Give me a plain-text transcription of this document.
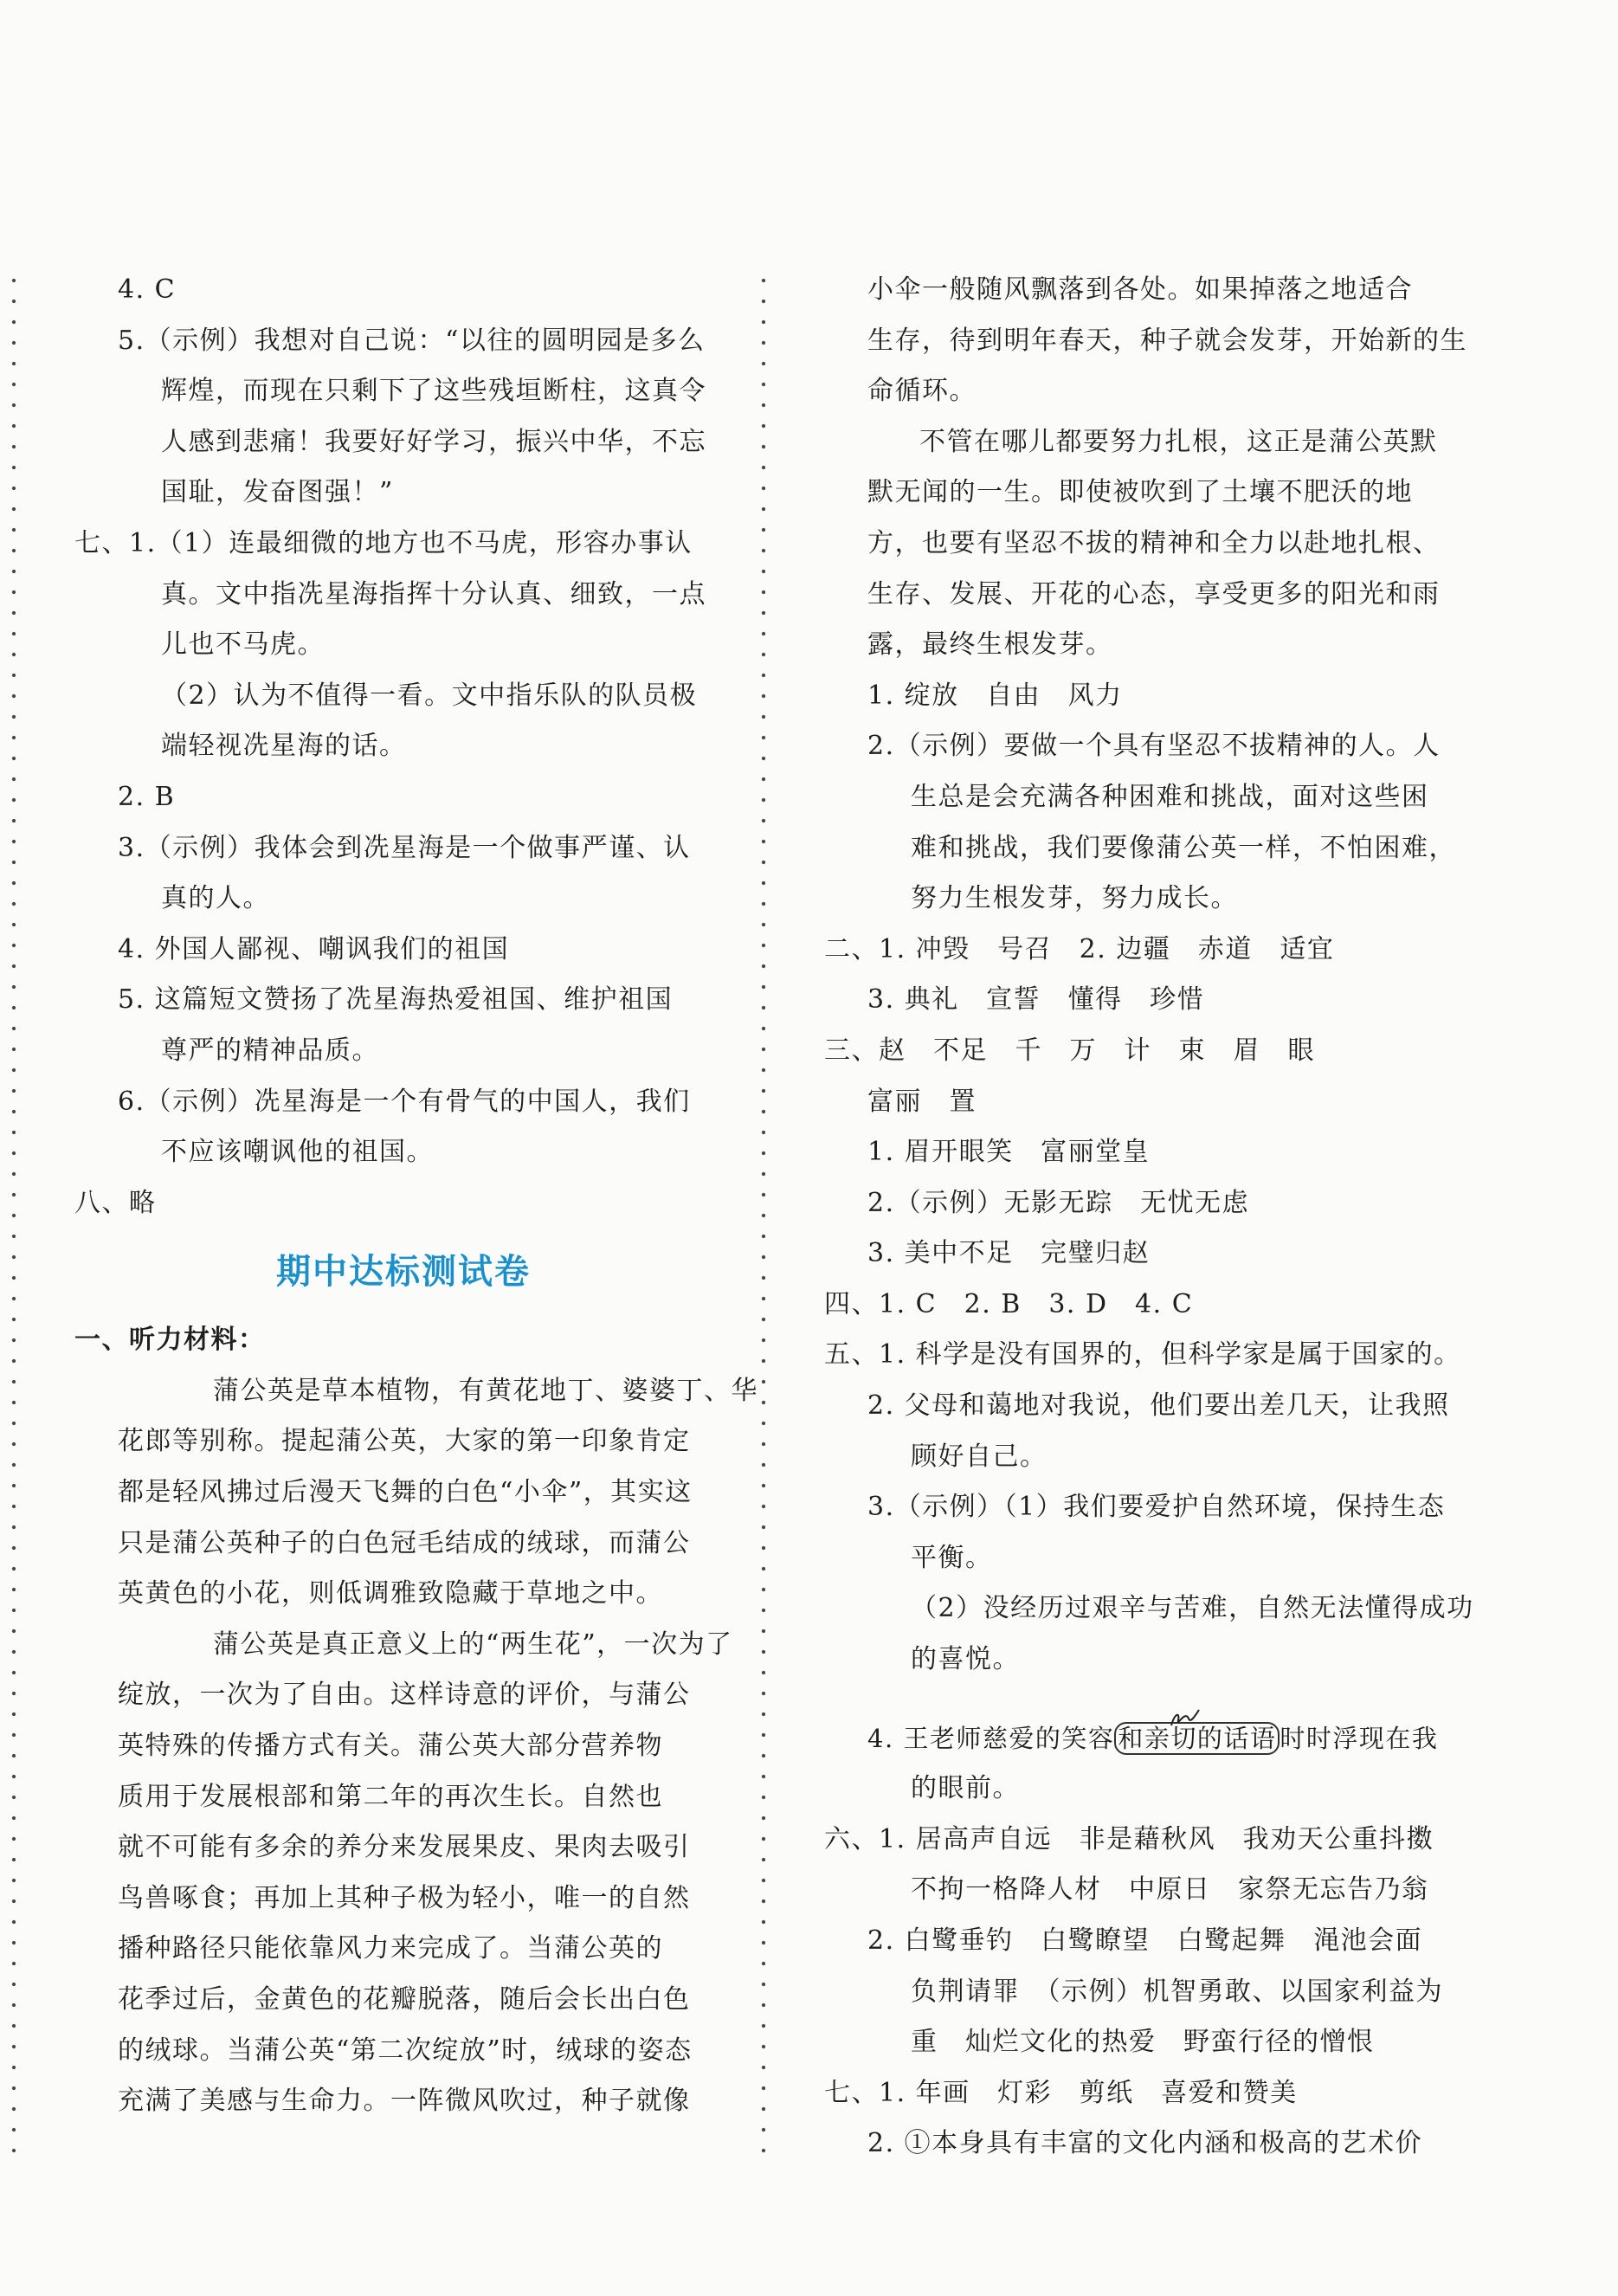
4. C
5.（示例）我想对自己说：“以往的圆明园是多么
辉煌，而现在只剩下了这些残垣断柱，这真令
人感到悲痛！我要好好学习，振兴中华，不忘
国耻，发奋图强！”
七、1.（1）连最细微的地方也不马虎，形容办事认
真。文中指冼星海指挥十分认真、细致，一点
儿也不马虎。
（2）认为不值得一看。文中指乐队的队员极
端轻视冼星海的话。
2. B
3.（示例）我体会到冼星海是一个做事严谨、认
真的人。
4. 外国人鄙视、嘲讽我们的祖国
5. 这篇短文赞扬了冼星海热爱祖国、维护祖国
尊严的精神品质。
6.（示例）冼星海是一个有骨气的中国人，我们
不应该嘲讽他的祖国。
八、略
期中达标测试卷
一、听力材料：
蒲公英是草本植物，有黄花地丁、婆婆丁、华
花郎等别称。提起蒲公英，大家的第一印象肯定
都是轻风拂过后漫天飞舞的白色“小伞”，其实这
只是蒲公英种子的白色冠毛结成的绒球，而蒲公
英黄色的小花，则低调雅致隐藏于草地之中。
蒲公英是真正意义上的“两生花”，一次为了
绽放，一次为了自由。这样诗意的评价，与蒲公
英特殊的传播方式有关。蒲公英大部分营养物
质用于发展根部和第二年的再次生长。自然也
就不可能有多余的养分来发展果皮、果肉去吸引
鸟兽啄食；再加上其种子极为轻小，唯一的自然
播种路径只能依靠风力来完成了。当蒲公英的
花季过后，金黄色的花瓣脱落，随后会长出白色
的绒球。当蒲公英“第二次绽放”时，绒球的姿态
充满了美感与生命力。一阵微风吹过，种子就像
小伞一般随风飘落到各处。如果掉落之地适合
生存，待到明年春天，种子就会发芽，开始新的生
命循环。
不管在哪儿都要努力扎根，这正是蒲公英默
默无闻的一生。即使被吹到了土壤不肥沃的地
方，也要有坚忍不拔的精神和全力以赴地扎根、
生存、发展、开花的心态，享受更多的阳光和雨
露，最终生根发芽。
1. 绽放　自由　风力
2.（示例）要做一个具有坚忍不拔精神的人。人
生总是会充满各种困难和挑战，面对这些困
难和挑战，我们要像蒲公英一样，不怕困难，
努力生根发芽，努力成长。
二、1. 冲毁　号召　2. 边疆　赤道　适宜
3. 典礼　宣誓　懂得　珍惜
三、赵　不足　千　万　计　束　眉　眼
富丽　置
1. 眉开眼笑　富丽堂皇
2.（示例）无影无踪　无忧无虑
3. 美中不足　完璧归赵
四、1. C　2. B　3. D　4. C
五、1. 科学是没有国界的，但科学家是属于国家的。
2. 父母和蔼地对我说，他们要出差几天，让我照
顾好自己。
3.（示例）（1）我们要爱护自然环境，保持生态
平衡。
（2）没经历过艰辛与苦难，自然无法懂得成功
的喜悦。
4. 王老师慈爱的笑容 和亲切的话语 时时浮现在我
的眼前。
六、1. 居高声自远　非是藉秋风　我劝天公重抖擞
不拘一格降人材　中原日　家祭无忘告乃翁
2. 白鹭垂钓　白鹭瞭望　白鹭起舞　渑池会面
负荆请罪　（示例）机智勇敢、以国家利益为
重　灿烂文化的热爱　野蛮行径的憎恨
七、1. 年画　灯彩　剪纸　喜爱和赞美
2. ①本身具有丰富的文化内涵和极高的艺术价
